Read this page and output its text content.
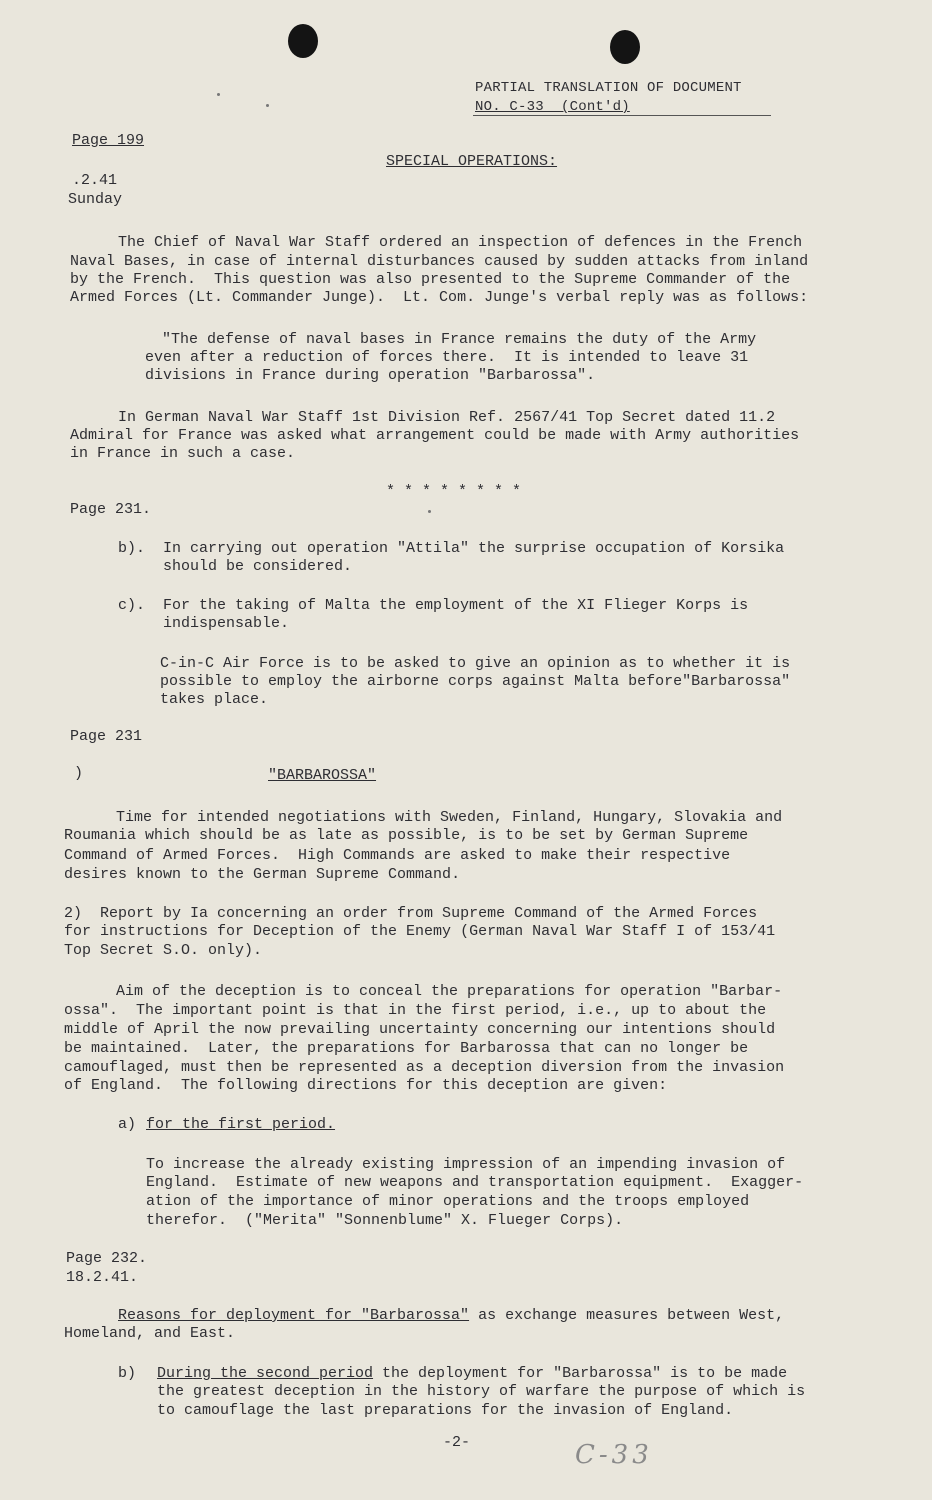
PARTIAL TRANSLATION OF DOCUMENT

NO. C-33  (Cont'd)

Page 199

SPECIAL OPERATIONS:

.2.41

Sunday

The Chief of Naval War Staff ordered an inspection of defences in the French

Naval Bases, in case of internal disturbances caused by sudden attacks from inland

by the French.  This question was also presented to the Supreme Commander of the

Armed Forces (Lt. Commander Junge).  Lt. Com. Junge's verbal reply was as follows:

"The defense of naval bases in France remains the duty of the Army

even after a reduction of forces there.  It is intended to leave 31

divisions in France during operation "Barbarossa".

In German Naval War Staff 1st Division Ref. 2567/41 Top Secret dated 11.2

Admiral for France was asked what arrangement could be made with Army authorities

in France in such a case.

* * * * * * * *

Page 231.

b). In carrying out operation "Attila" the surprise occupation of Korsika

should be considered.

c). For the taking of Malta the employment of the XI Flieger Korps is

indispensable.

C-in-C Air Force is to be asked to give an opinion as to whether it is

possible to employ the airborne corps against Malta before"Barbarossa"

takes place.

Page 231

)	"BARBAROSSA"

Time for intended negotiations with Sweden, Finland, Hungary, Slovakia and

Roumania which should be as late as possible, is to be set by German Supreme

Command of Armed Forces.  High Commands are asked to make their respective

desires known to the German Supreme Command.

2)  Report by Ia concerning an order from Supreme Command of the Armed Forces

for instructions for Deception of the Enemy (German Naval War Staff I of 153/41

Top Secret S.O. only).

Aim of the deception is to conceal the preparations for operation "Barbar-

ossa".  The important point is that in the first period, i.e., up to about the

middle of April the now prevailing uncertainty concerning our intentions should

be maintained.  Later, the preparations for Barbarossa that can no longer be

camouflaged, must then be represented as a deception diversion from the invasion

of England.  The following directions for this deception are given:

a) for the first period.

To increase the already existing impression of an impending invasion of

England.  Estimate of new weapons and transportation equipment.  Exagger-

ation of the importance of minor operations and the troops employed

therefor.  ("Merita" "Sonnenblume" X. Flueger Corps).

Page 232.

18.2.41.

Reasons for deployment for "Barbarossa" as exchange measures between West,

Homeland, and East.

b) During the second period the deployment for "Barbarossa" is to be made

the greatest deception in the history of warfare the purpose of which is

to camouflage the last preparations for the invasion of England.

-2-	C-33
